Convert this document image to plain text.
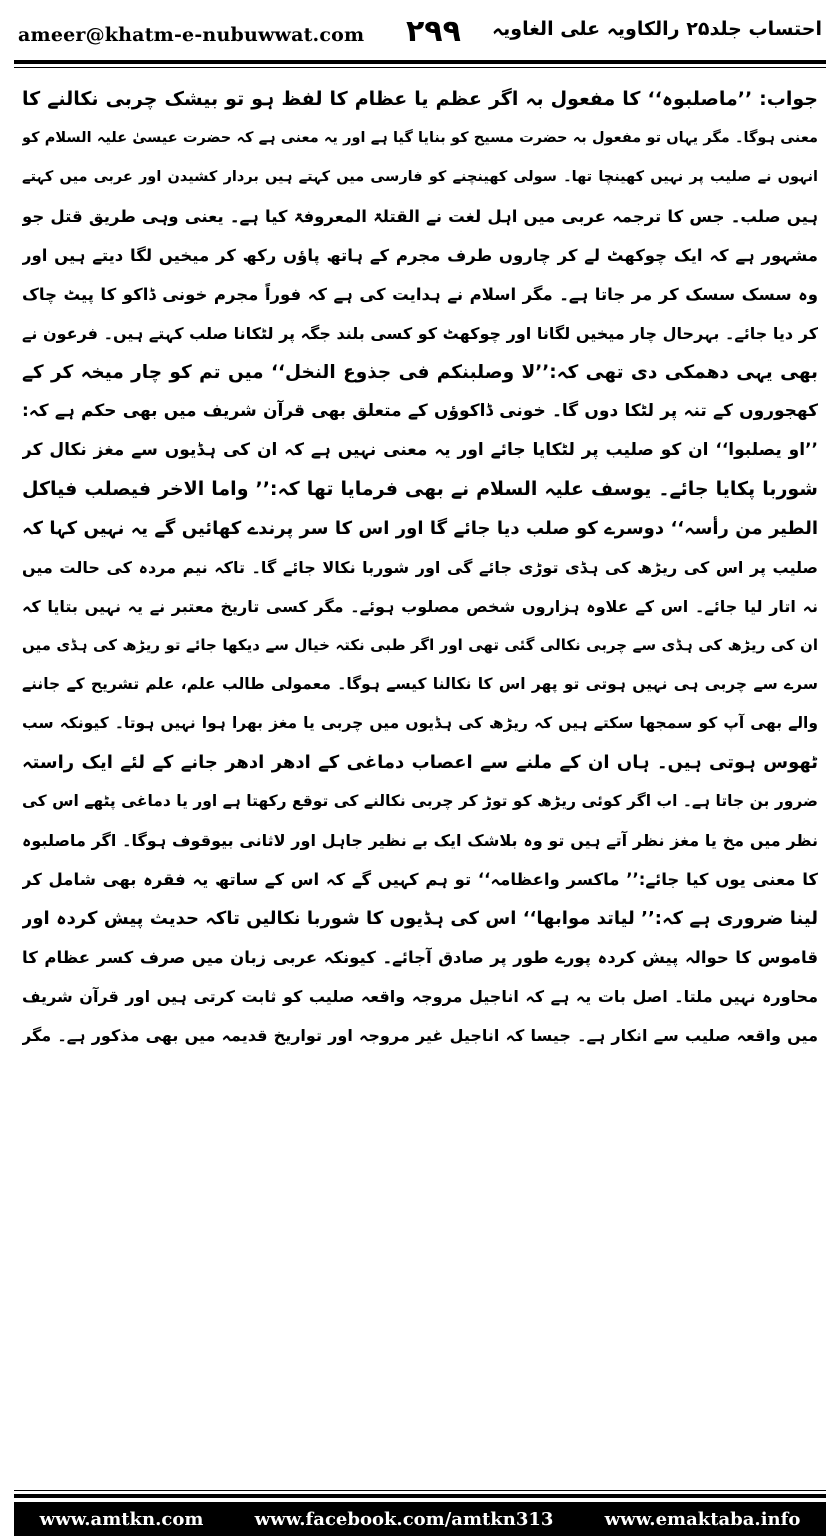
ameer@khatm-e-nubuwwat.com ۲۹۹ احتساب جلد۲۵ رالکاویہ علی الغاویہ
جواب: ’’ماصلبوہ‘‘ کا مفعول بہ اگر عظم یا عظام کا لفظ ہو تو بیشک چربی نکالنے کا
معنی ہوگا۔ مگر یہاں تو مفعول بہ حضرت مسیح کو بنایا گیا ہے اور یہ معنی ہے کہ حضرت عیسیٰ علیہ السلام کو
انہوں نے صلیب پر نہیں کھینچا تھا۔ سولی کھینچنے کو فارسی میں کہتے ہیں بردار کشیدن اور عربی میں کہتے
ہیں صلب۔ جس کا ترجمہ عربی میں اہل لغت نے القتلۃ المعروفۃ کیا ہے۔ یعنی وہی طریق قتل جو
مشہور ہے کہ ایک چوکھٹ لے کر چاروں طرف مجرم کے ہاتھ پاؤں رکھ کر میخیں لگا دیتے ہیں اور
وہ سسک سسک کر مر جاتا ہے۔ مگر اسلام نے ہدایت کی ہے کہ فوراً مجرم خونی ڈاکو کا پیٹ چاک
کر دیا جائے۔ بہرحال چار میخیں لگانا اور چوکھٹ کو کسی بلند جگہ پر لٹکانا صلب کہتے ہیں۔ فرعون نے
بھی یہی دھمکی دی تھی کہ:’’لا وصلبنکم فی جذوع النخل‘‘ میں تم کو چار میخہ کر کے
کھجوروں کے تنہ پر لٹکا دوں گا۔ خونی ڈاکوؤں کے متعلق بھی قرآن شریف میں بھی حکم ہے کہ:
’’او یصلبوا‘‘ ان کو صلیب پر لٹکایا جائے اور یہ معنی نہیں ہے کہ ان کی ہڈیوں سے مغز نکال کر
شوربا پکایا جائے۔ یوسف علیہ السلام نے بھی فرمایا تھا کہ:’’ واما الاخر فیصلب فیاکل
الطیر من رأسہ‘‘ دوسرے کو صلب دیا جائے گا اور اس کا سر پرندے کھائیں گے یہ نہیں کہا کہ
صلیب پر اس کی ریڑھ کی ہڈی توڑی جائے گی اور شوربا نکالا جائے گا۔ تاکہ نیم مردہ کی حالت میں
نہ اتار لیا جائے۔ اس کے علاوہ ہزاروں شخص مصلوب ہوئے۔ مگر کسی تاریخ معتبر نے یہ نہیں بتایا کہ
ان کی ریڑھ کی ہڈی سے چربی نکالی گئی تھی اور اگر طبی نکتہ خیال سے دیکھا جائے تو ریڑھ کی ہڈی میں
سرے سے چربی ہی نہیں ہوتی تو پھر اس کا نکالنا کیسے ہوگا۔ معمولی طالب علم، علم تشریح کے جاننے
والے بھی آپ کو سمجھا سکتے ہیں کہ ریڑھ کی ہڈیوں میں چربی یا مغز بھرا ہوا نہیں ہوتا۔ کیونکہ سب
ٹھوس ہوتی ہیں۔ ہاں ان کے ملنے سے اعصاب دماغی کے ادھر ادھر جانے کے لئے ایک راستہ
ضرور بن جاتا ہے۔ اب اگر کوئی ریڑھ کو توڑ کر چربی نکالنے کی توقع رکھتا ہے اور یا دماغی پٹھے اس کی
نظر میں مخ یا مغز نظر آتے ہیں تو وہ بلاشک ایک بے نظیر جاہل اور لاثانی بیوقوف ہوگا۔ اگر ماصلبوہ
کا معنی یوں کیا جائے:’’ ماکسر واعظامہ‘‘ تو ہم کہیں گے کہ اس کے ساتھ یہ فقرہ بھی شامل کر
لینا ضروری ہے کہ:’’ لیاتد موابھا‘‘ اس کی ہڈیوں کا شوربا نکالیں تاکہ حدیث پیش کردہ اور
قاموس کا حوالہ پیش کردہ پورے طور پر صادق آجائے۔ کیونکہ عربی زبان میں صرف کسر عظام کا
محاورہ نہیں ملتا۔ اصل بات یہ ہے کہ اناجیل مروجہ واقعہ صلیب کو ثابت کرتی ہیں اور قرآن شریف
میں واقعہ صلیب سے انکار ہے۔ جیسا کہ اناجیل غیر مروجہ اور تواریخ قدیمہ میں بھی مذکور ہے۔ مگر
www.amtkn.com	www.facebook.com/amtkn313	www.emaktaba.info
